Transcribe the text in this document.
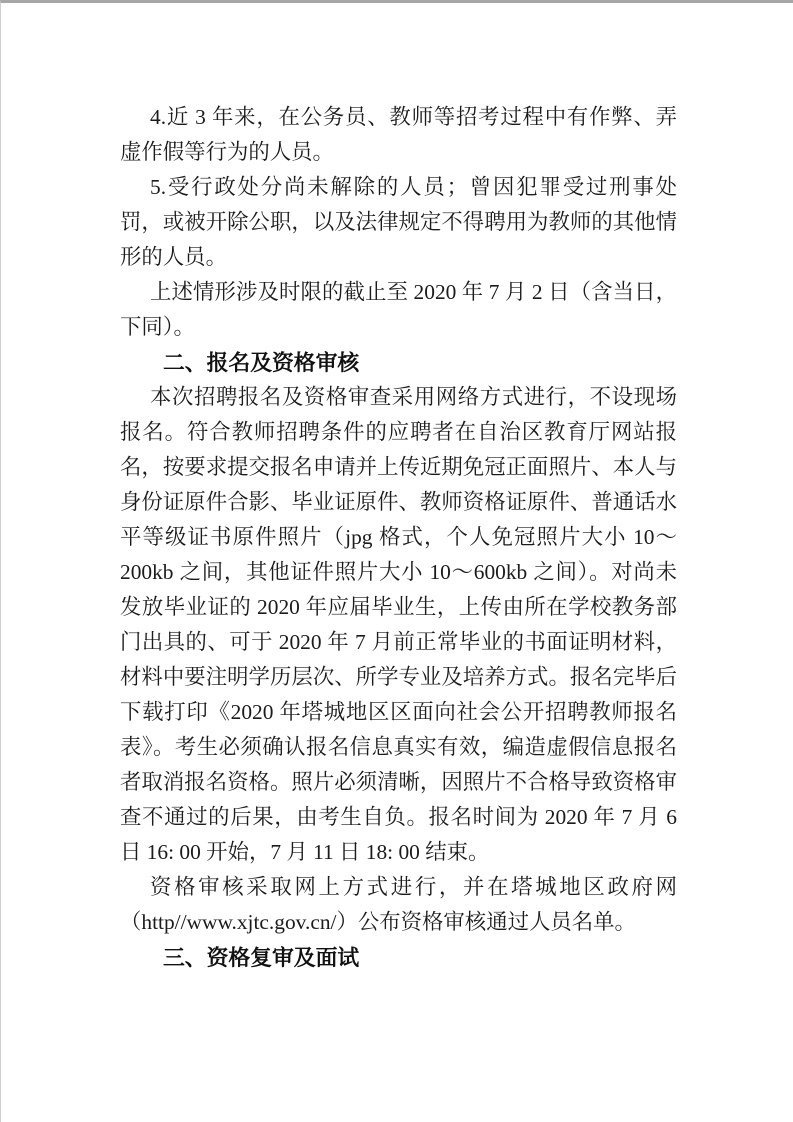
4.近 3 年来，在公务员、教师等招考过程中有作弊、弄
虚作假等行为的人员。
5.受行政处分尚未解除的人员；曾因犯罪受过刑事处
罚，或被开除公职，以及法律规定不得聘用为教师的其他情
形的人员。
上述情形涉及时限的截止至 2020 年 7 月 2 日（含当日，
下同）。
二、报名及资格审核
本次招聘报名及资格审查采用网络方式进行，不设现场
报名。符合教师招聘条件的应聘者在自治区教育厅网站报
名，按要求提交报名申请并上传近期免冠正面照片、本人与
身份证原件合影、毕业证原件、教师资格证原件、普通话水
平等级证书原件照片（jpg 格式，个人免冠照片大小 10～
200kb 之间，其他证件照片大小 10～600kb 之间）。对尚未
发放毕业证的 2020 年应届毕业生，上传由所在学校教务部
门出具的、可于 2020 年 7 月前正常毕业的书面证明材料，
材料中要注明学历层次、所学专业及培养方式。报名完毕后
下载打印《2020 年塔城地区区面向社会公开招聘教师报名
表》。考生必须确认报名信息真实有效，编造虚假信息报名
者取消报名资格。照片必须清晰，因照片不合格导致资格审
查不通过的后果，由考生自负。报名时间为 2020 年 7 月 6
日 16: 00 开始，7 月 11 日 18: 00 结束。
资格审核采取网上方式进行，并在塔城地区政府网
（http//www.xjtc.gov.cn/）公布资格审核通过人员名单。
三、资格复审及面试
